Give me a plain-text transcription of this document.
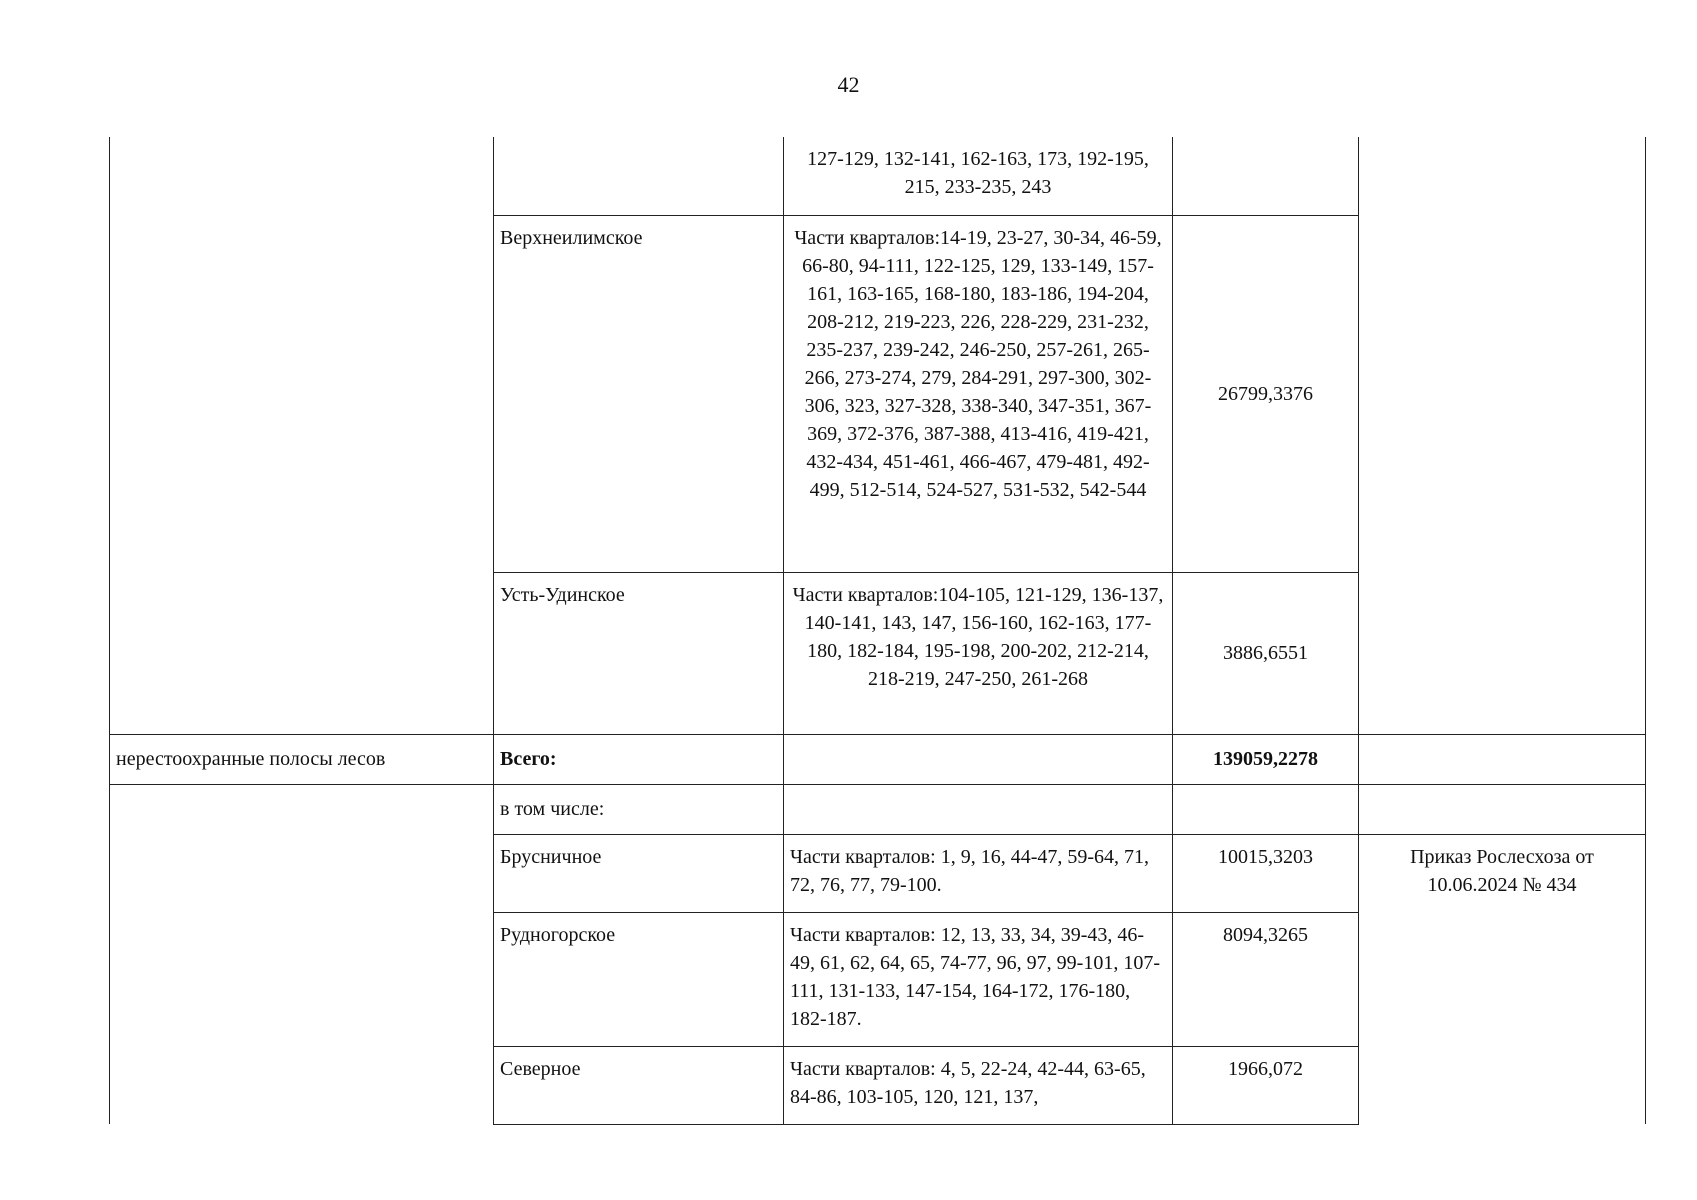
42

		127-129, 132-141, 162-163, 173, 192-195, 215, 233-235, 243		

	Верхнеилимское	Части кварталов:14-19, 23-27, 30-34, 46-59, 66-80, 94-111, 122-125, 129, 133-149, 157-161, 163-165, 168-180, 183-186, 194-204, 208-212, 219-223, 226, 228-229, 231-232, 235-237, 239-242, 246-250, 257-261, 265-266, 273-274, 279, 284-291, 297-300, 302-306, 323, 327-328, 338-340, 347-351, 367-369, 372-376, 387-388, 413-416, 419-421, 432-434, 451-461, 466-467, 479-481, 492-499, 512-514, 524-527, 531-532, 542-544	26799,3376	

	Усть-Удинское	Части кварталов:104-105, 121-129, 136-137, 140-141, 143, 147, 156-160, 162-163, 177-180, 182-184, 195-198, 200-202, 212-214, 218-219, 247-250, 261-268	3886,6551	

нерестоохранные полосы лесов	Всего:		139059,2278	

	в том числе:			

	Брусничное	Части кварталов: 1, 9, 16, 44-47, 59-64, 71, 72, 76, 77, 79-100.	10015,3203	Приказ Рослесхоза от 10.06.2024 № 434

	Рудногорское	Части кварталов: 12, 13, 33, 34, 39-43, 46-49, 61, 62, 64, 65, 74-77, 96, 97, 99-101, 107-111, 131-133, 147-154, 164-172, 176-180, 182-187.	8094,3265	

	Северное	Части кварталов: 4, 5, 22-24, 42-44, 63-65, 84-86, 103-105, 120, 121, 137,	1966,072	
